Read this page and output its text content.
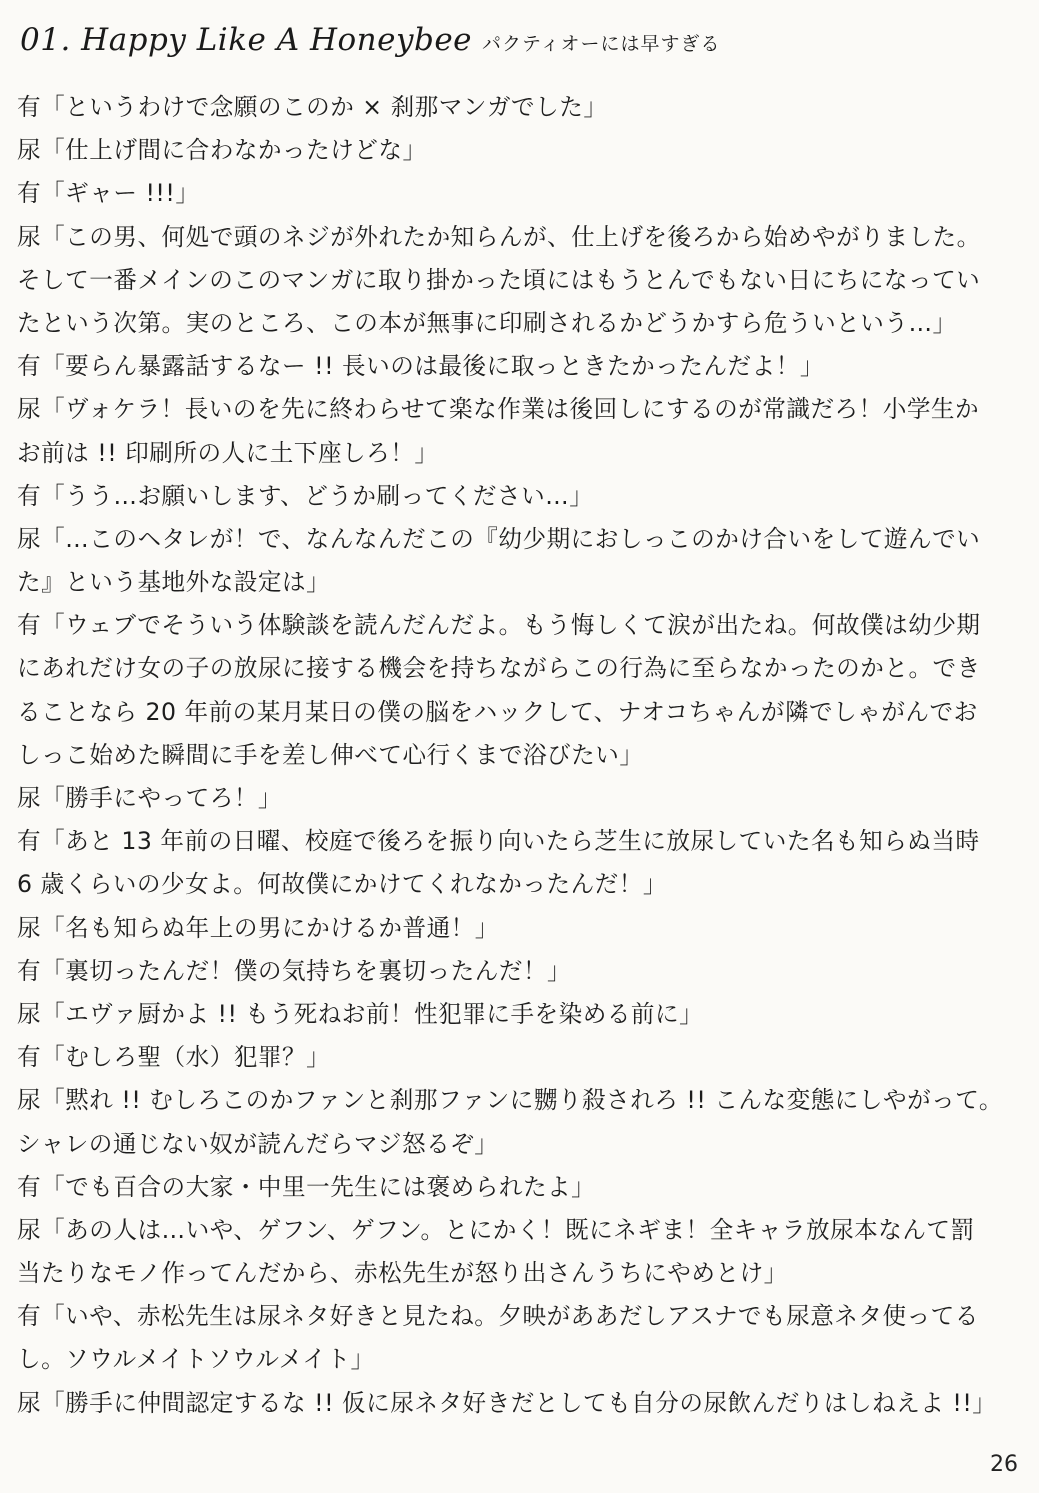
01. Happy Like A Honeybee パクティオーには早すぎる
有「というわけで念願のこのか × 刹那マンガでした」
尿「仕上げ間に合わなかったけどな」
有「ギャー !!!」
尿「この男、何処で頭のネジが外れたか知らんが、仕上げを後ろから始めやがりました。
そして一番メインのこのマンガに取り掛かった頃にはもうとんでもない日にちになってい
たという次第。実のところ、この本が無事に印刷されるかどうかすら危ういという…」
有「要らん暴露話するなー !! 長いのは最後に取っときたかったんだよ！」
尿「ヴォケラ！長いのを先に終わらせて楽な作業は後回しにするのが常識だろ！小学生か
お前は !! 印刷所の人に土下座しろ！」
有「うう…お願いします、どうか刷ってください…」
尿「…このヘタレが！で、なんなんだこの『幼少期におしっこのかけ合いをして遊んでい
た』という基地外な設定は」
有「ウェブでそういう体験談を読んだんだよ。もう悔しくて涙が出たね。何故僕は幼少期
にあれだけ女の子の放尿に接する機会を持ちながらこの行為に至らなかったのかと。でき
ることなら 20 年前の某月某日の僕の脳をハックして、ナオコちゃんが隣でしゃがんでお
しっこ始めた瞬間に手を差し伸べて心行くまで浴びたい」
尿「勝手にやってろ！」
有「あと 13 年前の日曜、校庭で後ろを振り向いたら芝生に放尿していた名も知らぬ当時
6 歳くらいの少女よ。何故僕にかけてくれなかったんだ！」
尿「名も知らぬ年上の男にかけるか普通！」
有「裏切ったんだ！僕の気持ちを裏切ったんだ！」
尿「エヴァ厨かよ !! もう死ねお前！性犯罪に手を染める前に」
有「むしろ聖（水）犯罪？」
尿「黙れ !! むしろこのかファンと刹那ファンに嬲り殺されろ !! こんな変態にしやがって。
シャレの通じない奴が読んだらマジ怒るぞ」
有「でも百合の大家・中里一先生には褒められたよ」
尿「あの人は…いや、ゲフン、ゲフン。とにかく！既にネギま！全キャラ放尿本なんて罰
当たりなモノ作ってんだから、赤松先生が怒り出さんうちにやめとけ」
有「いや、赤松先生は尿ネタ好きと見たね。夕映がああだしアスナでも尿意ネタ使ってる
し。ソウルメイトソウルメイト」
尿「勝手に仲間認定するな !! 仮に尿ネタ好きだとしても自分の尿飲んだりはしねえよ !!」
26
